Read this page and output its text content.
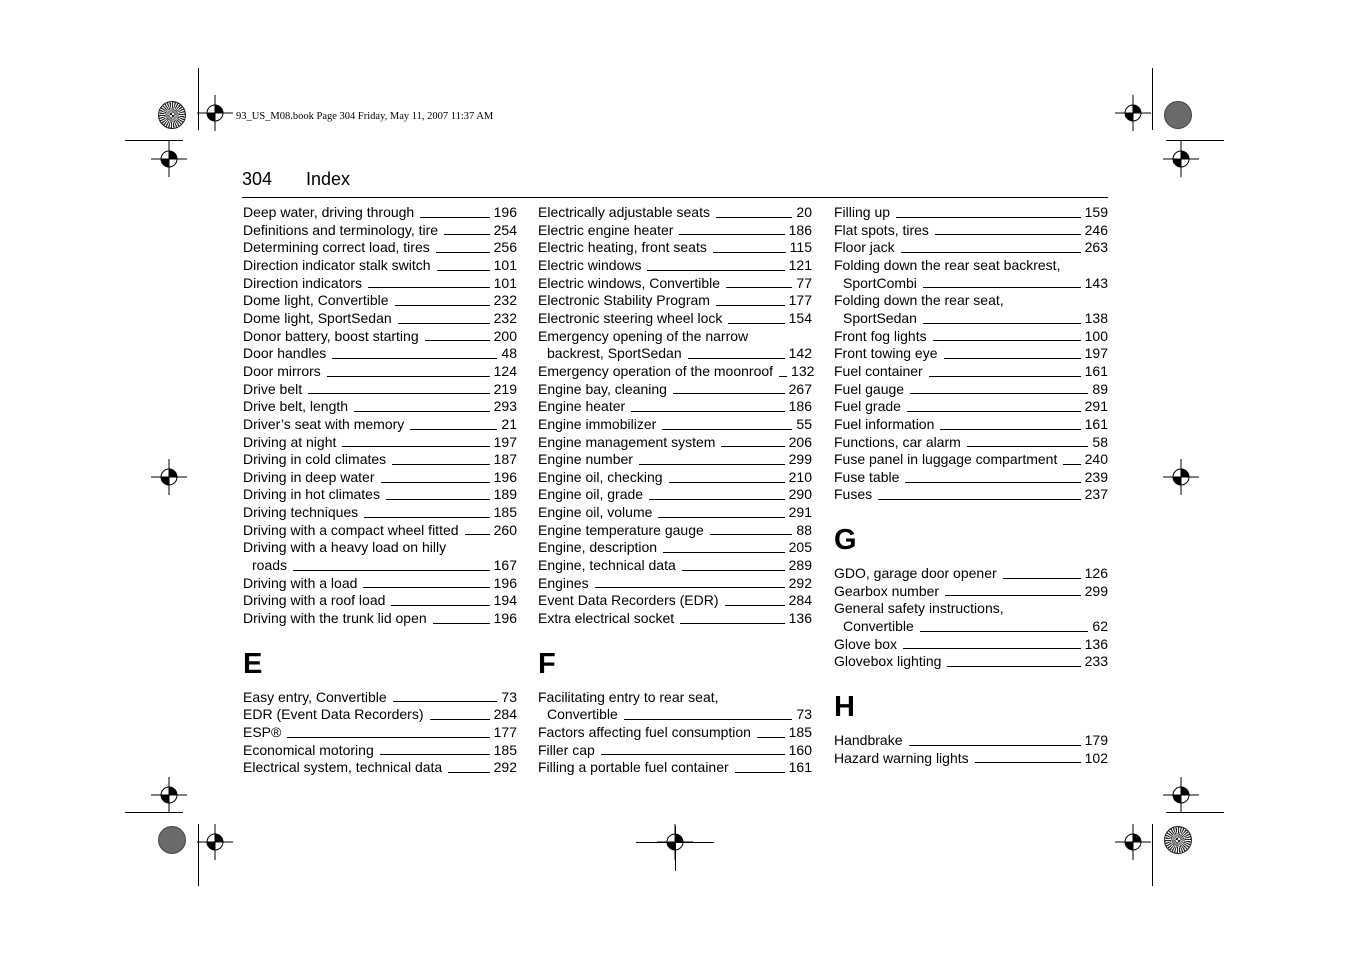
93_US_M08.book Page 304 Friday, May 11, 2007 11:37 AM
304 Index
Deep water, driving through	196
Definitions and terminology, tire	254
Determining correct load, tires	256
Direction indicator stalk switch	101
Direction indicators	101
Dome light, Convertible	232
Dome light, SportSedan	232
Donor battery, boost starting	200
Door handles	48
Door mirrors	124
Drive belt	219
Drive belt, length	293
Driver’s seat with memory	21
Driving at night	197
Driving in cold climates	187
Driving in deep water	196
Driving in hot climates	189
Driving techniques	185
Driving with a compact wheel fitted	260
Driving with a heavy load on hilly
roads	167
Driving with a load	196
Driving with a roof load	194
Driving with the trunk lid open	196
E
Easy entry, Convertible	73
EDR (Event Data Recorders)	284
ESP®	177
Economical motoring	185
Electrical system, technical data	292
Electrically adjustable seats	20
Electric engine heater	186
Electric heating, front seats	115
Electric windows	121
Electric windows, Convertible	77
Electronic Stability Program	177
Electronic steering wheel lock	154
Emergency opening of the narrow
backrest, SportSedan	142
Emergency operation of the moonroof 132
Engine bay, cleaning	267
Engine heater	186
Engine immobilizer	55
Engine management system	206
Engine number	299
Engine oil, checking	210
Engine oil, grade	290
Engine oil, volume	291
Engine temperature gauge	88
Engine, description	205
Engine, technical data	289
Engines	292
Event Data Recorders (EDR)	284
Extra electrical socket	136
F
Facilitating entry to rear seat,
Convertible	73
Factors affecting fuel consumption	185
Filler cap	160
Filling a portable fuel container	161
Filling up	159
Flat spots, tires	246
Floor jack	263
Folding down the rear seat backrest,
SportCombi	143
Folding down the rear seat,
SportSedan	138
Front fog lights	100
Front towing eye	197
Fuel container	161
Fuel gauge	89
Fuel grade	291
Fuel information	161
Functions, car alarm	58
Fuse panel in luggage compartment 240
Fuse table	239
Fuses	237
G
GDO, garage door opener	126
Gearbox number	299
General safety instructions,
Convertible	62
Glove box	136
Glovebox lighting	233
H
Handbrake	179
Hazard warning lights	102
